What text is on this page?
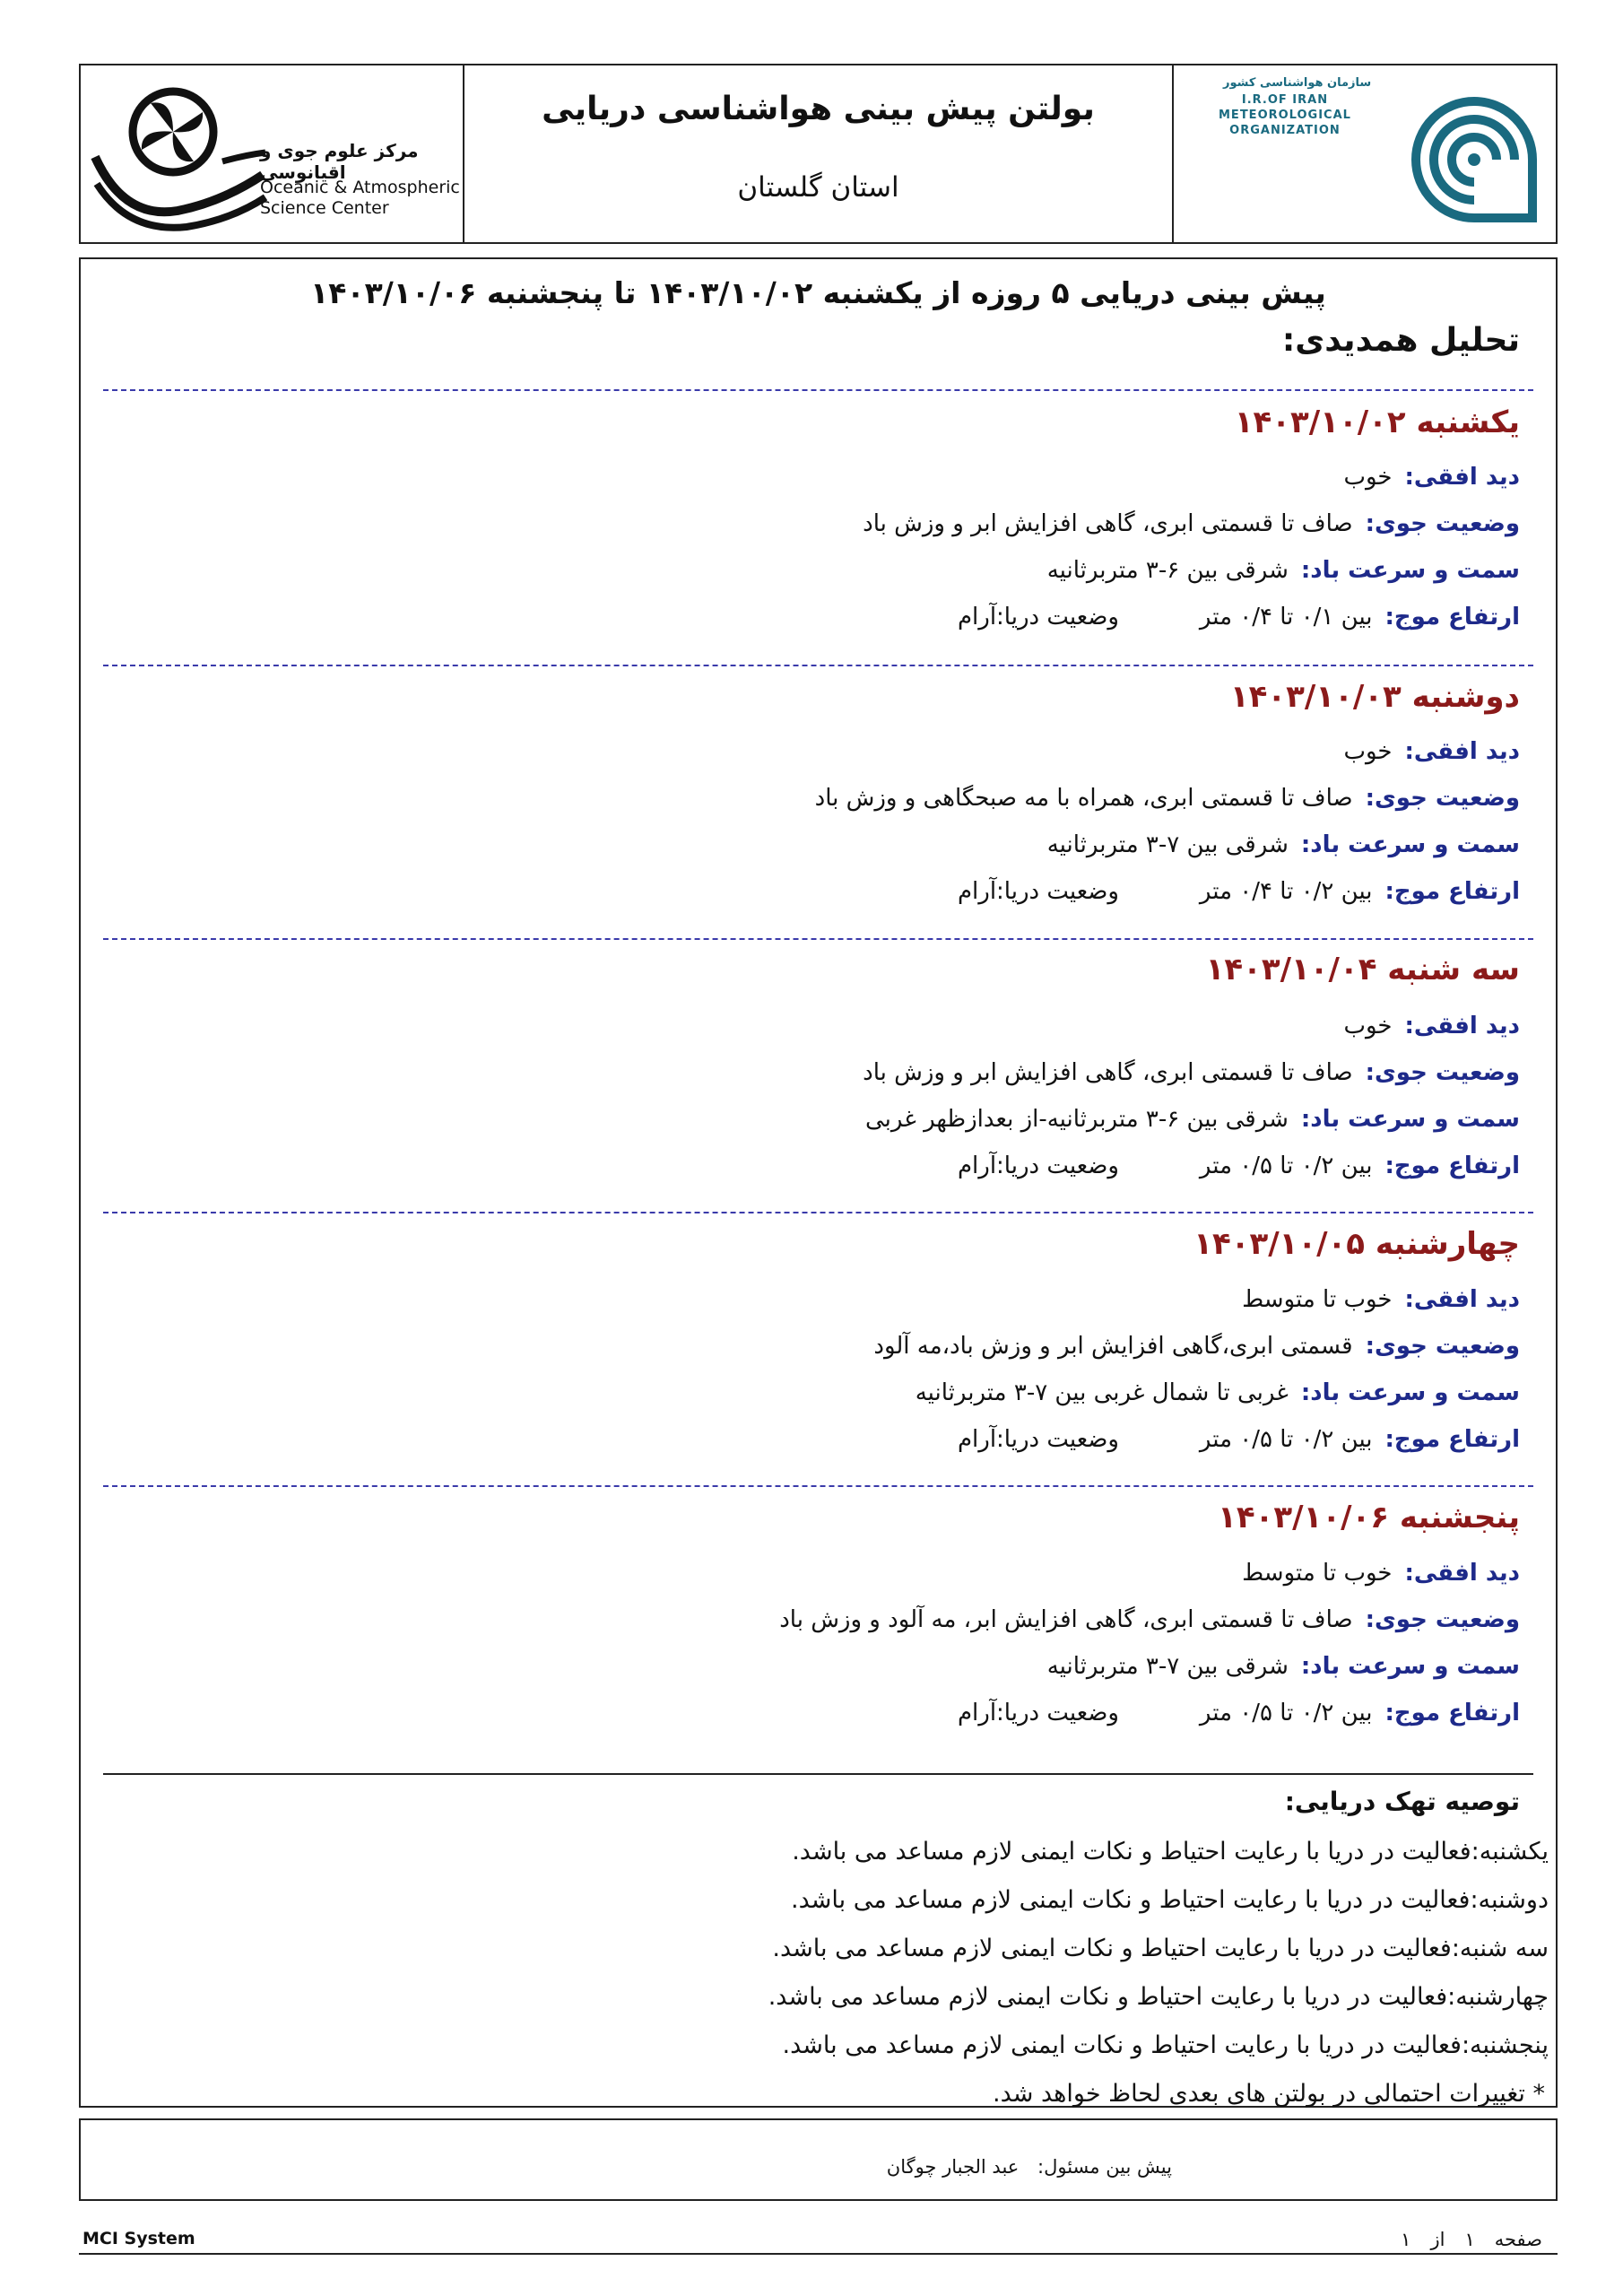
سازمان هواشناسی کشور
I.R.OF IRAN
METEOROLOGICAL
ORGANIZATION
بولتن پیش بینی هواشناسی دریایی
استان گلستان
مرکز علوم جوی و اقیانوسی
Oceanic & Atmospheric
Science Center
پیش بینی دریایی ۵ روزه از یکشنبه ۱۴۰۳/۱۰/۰۲ تا پنجشنبه ۱۴۰۳/۱۰/۰۶
تحلیل همدیدی:
یکشنبه ۱۴۰۳/۱۰/۰۲
دید افقی:خوب
وضعیت جوی:صاف تا قسمتی ابری، گاهی افزایش ابر و وزش باد
سمت و سرعت باد:شرقی بین ۶-۳ متربرثانیه
ارتفاع موج:بین ۰/۱ تا ۰/۴ متروضعیت دریا:آرام
دوشنبه ۱۴۰۳/۱۰/۰۳
دید افقی:خوب
وضعیت جوی:صاف تا قسمتی ابری، همراه با مه صبحگاهی و وزش باد
سمت و سرعت باد:شرقی بین ۷-۳ متربرثانیه
ارتفاع موج:بین ۰/۲ تا ۰/۴ متروضعیت دریا:آرام
سه شنبه ۱۴۰۳/۱۰/۰۴
دید افقی:خوب
وضعیت جوی:صاف تا قسمتی ابری، گاهی افزایش ابر و وزش باد
سمت و سرعت باد:شرقی بین ۶-۳ متربرثانیه-از بعدازظهر غربی
ارتفاع موج:بین ۰/۲ تا ۰/۵ متروضعیت دریا:آرام
چهارشنبه ۱۴۰۳/۱۰/۰۵
دید افقی:خوب تا متوسط
وضعیت جوی:قسمتی ابری،گاهی افزایش ابر و وزش باد،مه آلود
سمت و سرعت باد:غربی تا شمال غربی بین ۷-۳ متربرثانیه
ارتفاع موج:بین ۰/۲ تا ۰/۵ متروضعیت دریا:آرام
پنجشنبه ۱۴۰۳/۱۰/۰۶
دید افقی:خوب تا متوسط
وضعیت جوی:صاف تا قسمتی ابری، گاهی افزایش ابر، مه آلود و وزش باد
سمت و سرعت باد:شرقی بین ۷-۳ متربرثانیه
ارتفاع موج:بین ۰/۲ تا ۰/۵ متروضعیت دریا:آرام
توصیه تهک دریایی:
یکشنبه:فعالیت در دریا با رعایت احتیاط و نکات ایمنی لازم مساعد می باشد.
دوشنبه:فعالیت در دریا با رعایت احتیاط و نکات ایمنی لازم مساعد می باشد.
سه شنبه:فعالیت در دریا با رعایت احتیاط و نکات ایمنی لازم مساعد می باشد.
چهارشنبه:فعالیت در دریا با رعایت احتیاط و نکات ایمنی لازم مساعد می باشد.
پنجشنبه:فعالیت در دریا با رعایت احتیاط و نکات ایمنی لازم مساعد می باشد.
* تغییرات احتمالی در بولتن های بعدی لحاظ خواهد شد.
پیش بین مسئول: عبد الجبار چوگان
MCI System	صفحه۱از۱
